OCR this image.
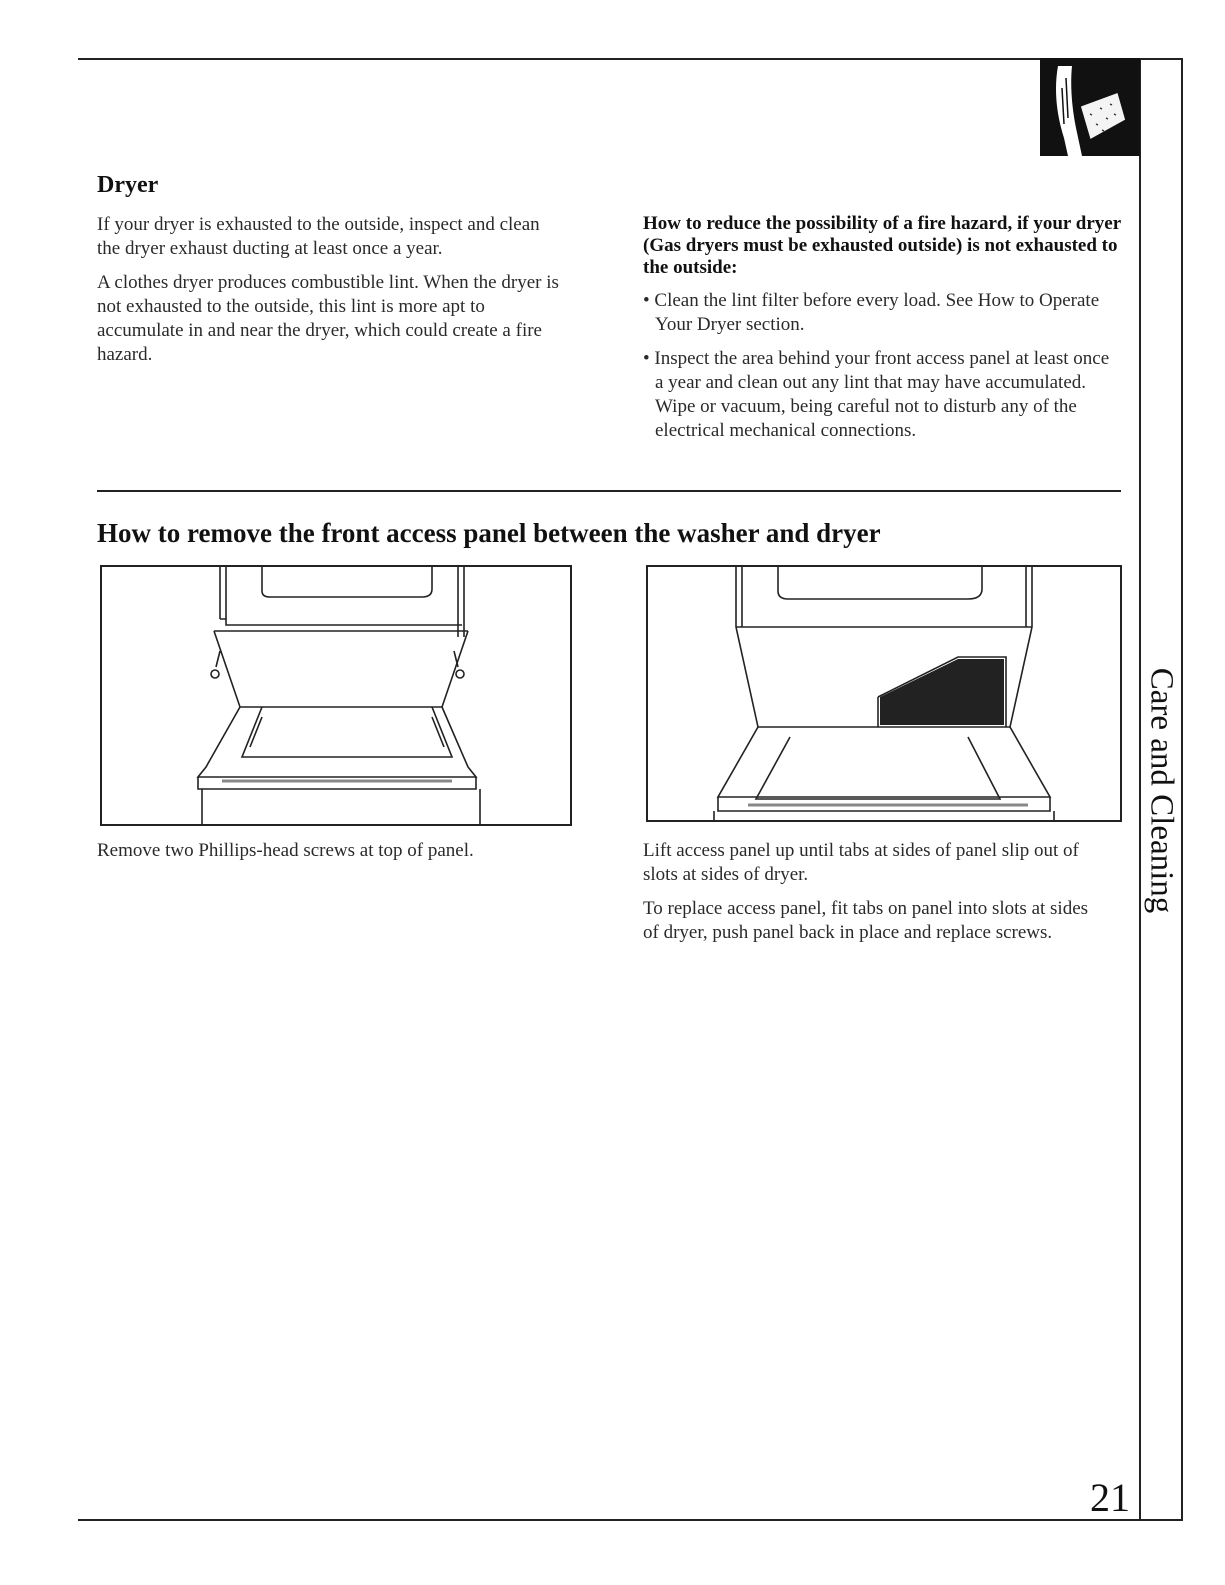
Care and Cleaning
Dryer

If your dryer is exhausted to the outside, inspect and clean the dryer exhaust ducting at least once a year.

A clothes dryer produces combustible lint. When the dryer is not exhausted to the outside, this lint is more apt to accumulate in and near the dryer, which could create a fire hazard.

How to reduce the possibility of a fire hazard, if your dryer (Gas dryers must be exhausted outside) is not exhausted to the outside:

• Clean the lint filter before every load. See How to Operate Your Dryer section.

• Inspect the area behind your front access panel at least once a year and clean out any lint that may have accumulated. Wipe or vacuum, being careful not to disturb any of the electrical mechanical connections.

How to remove the front access panel between the washer and dryer

Remove two Phillips-head screws at top of panel.	Lift access panel up until tabs at sides of panel slip out of slots at sides of dryer.

To replace access panel, fit tabs on panel into slots at sides of dryer, push panel back in place and replace screws.

21
